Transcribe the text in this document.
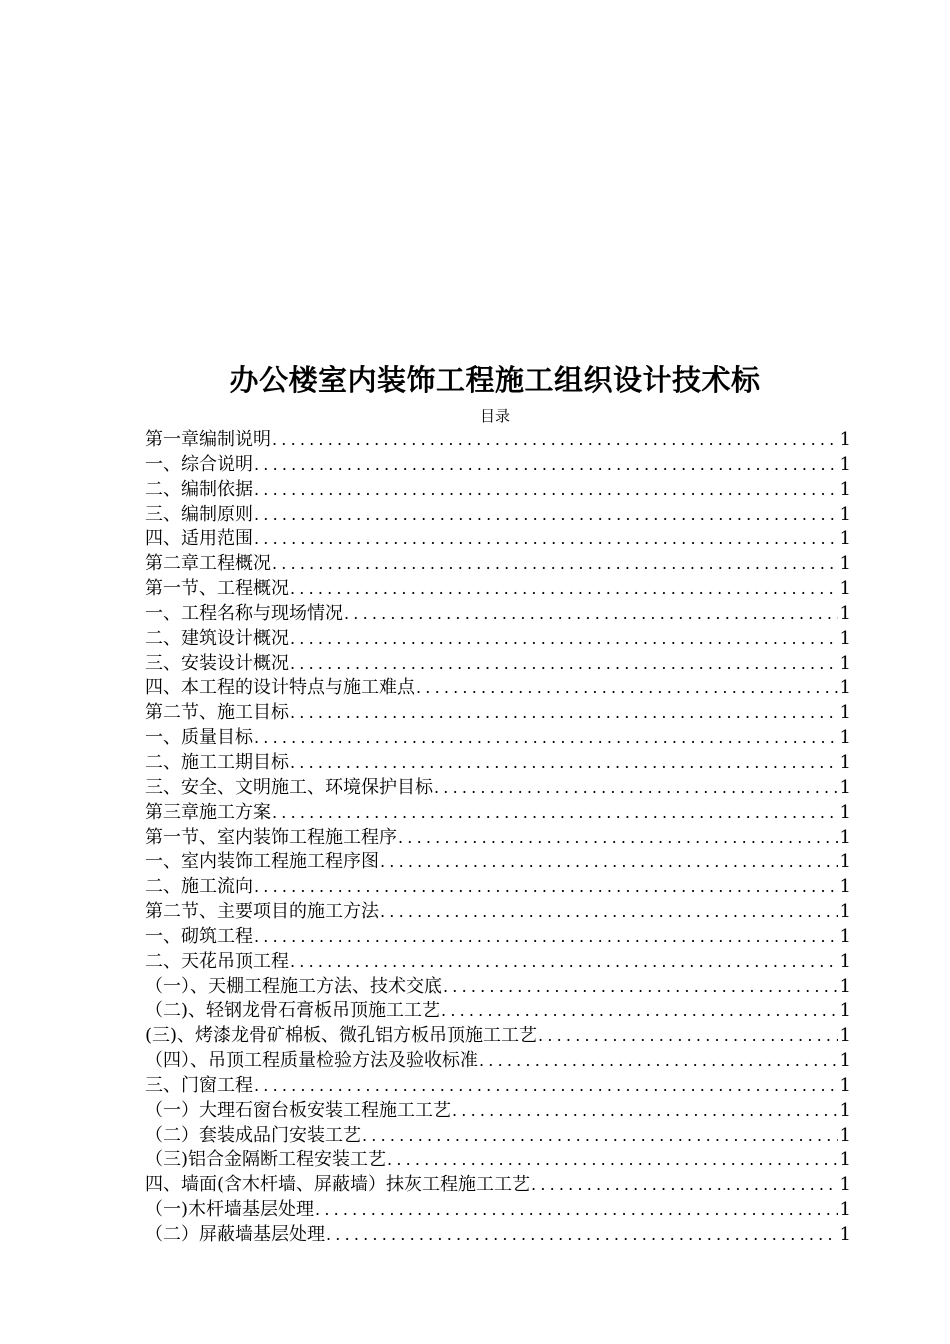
办公楼室内装饰工程施工组织设计技术标
目录
第一章编制说明 .....	1
一、综合说明 .....	1
二、编制依据 .....	1
三、编制原则 .....	1
四、适用范围 .....	1
第二章工程概况 .....	1
第一节、工程概况 .....	1
一、工程名称与现场情况 .....	1
二、建筑设计概况 .....	1
三、安装设计概况 .....	1
四、本工程的设计特点与施工难点 .....	1
第二节、施工目标 .....	1
一、质量目标 .....	1
二、施工工期目标 .....	1
三、安全、文明施工、环境保护目标 .....	1
第三章施工方案 .....	1
第一节、室内装饰工程施工程序 .....	1
一、室内装饰工程施工程序图 .....	1
二、施工流向 .....	1
第二节、主要项目的施工方法 .....	1
一、砌筑工程 .....	1
二、天花吊顶工程 .....	1
（一）、天棚工程施工方法、技术交底 .....	1
（二)、轻钢龙骨石膏板吊顶施工工艺 .....	1
(三)、烤漆龙骨矿棉板、微孔铝方板吊顶施工工艺 .....	1
（四）、吊顶工程质量检验方法及验收标准 .....	1
三、门窗工程 .....	1
（一）大理石窗台板安装工程施工工艺 .....	1
（二）套装成品门安装工艺 .....	1
（三)铝合金隔断工程安装工艺 .....	1
四、墙面(含木杆墙、屏蔽墙）抹灰工程施工工艺 .....	1
（一)木杆墙基层处理 .....	1
（二）屏蔽墙基层处理 .....	1
